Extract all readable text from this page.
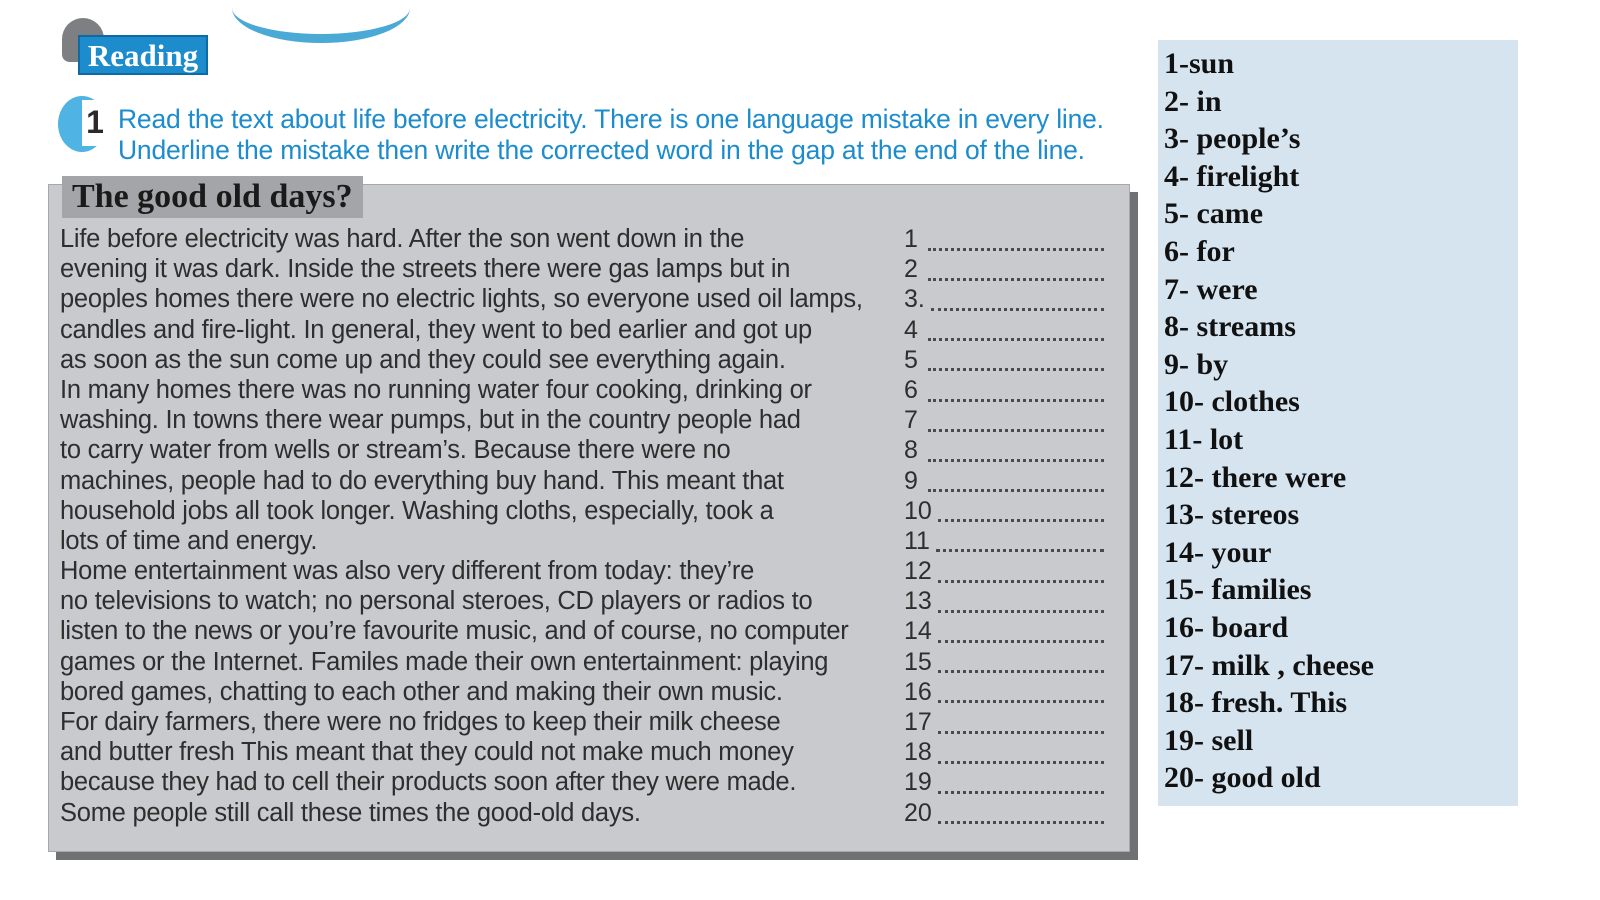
Reading
1 Read the text about life before electricity. There is one language mistake in every line.
Underline the mistake then write the corrected word in the gap at the end of the line.
The good old days?
Life before electricity was hard. After the son went down in the
evening it was dark. Inside the streets there were gas lamps but in
peoples homes there were no electric lights, so everyone used oil lamps,
candles and fire-light. In general, they went to bed earlier and got up
as soon as the sun come up and they could see everything again.
In many homes there was no running water four cooking, drinking or
washing. In towns there wear pumps, but in the country people had
to carry water from wells or stream’s. Because there were no
machines, people had to do everything buy hand. This meant that
household jobs all took longer. Washing cloths, especially, took a
lots of time and energy.
Home entertainment was also very different from today: they’re
no televisions to watch; no personal steroes, CD players or radios to
listen to the news or you’re favourite music, and of course, no computer
games or the Internet. Familes made their own entertainment: playing
bored games, chatting to each other and making their own music.
For dairy farmers, there were no fridges to keep their milk cheese
and butter fresh This meant that they could not make much money
because they had to cell their products soon after they were made.
Some people still call these times the good-old days.
1
2
3.
4
5
6
7
8
9
10
11
12
13
14
15
16
17
18
19
20
1-sun
2- in
3- people’s
4- firelight
5- came
6- for
7- were
8- streams
9- by
10- clothes
11- lot
12- there were
13- stereos
14- your
15- families
16- board
17- milk , cheese
18- fresh. This
19- sell
20- good old
